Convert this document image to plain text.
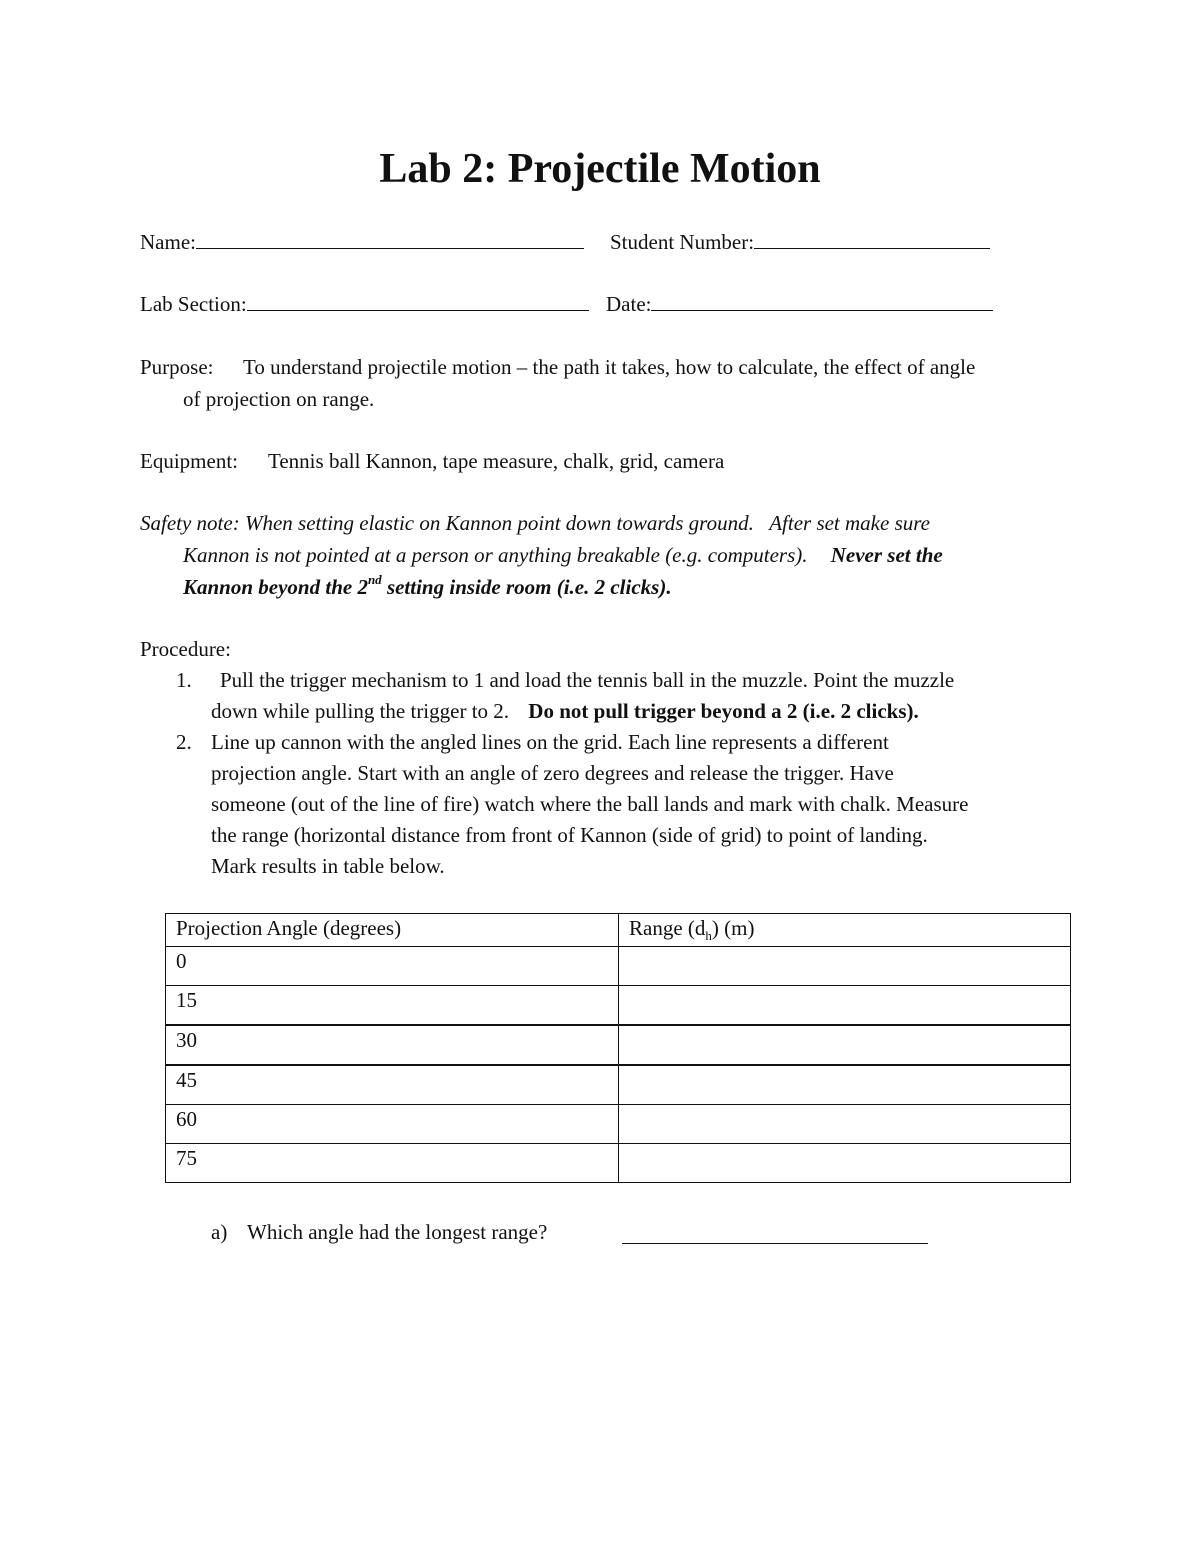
Lab 2: Projectile Motion
Name:	Student Number:
Lab Section:	Date:
Purpose: To understand projectile motion – the path it takes, how to calculate, the effect of angle
of projection on range.
Equipment: Tennis ball Kannon, tape measure, chalk, grid, camera
Safety note: When setting elastic on Kannon point down towards ground.   After set make sure
Kannon is not pointed at a person or anything breakable (e.g. computers). Never set the
Kannon beyond the 2nd setting inside room (i.e. 2 clicks).
Procedure:
1. Pull the trigger mechanism to 1 and load the tennis ball in the muzzle. Point the muzzle
down while pulling the trigger to 2. Do not pull trigger beyond a 2 (i.e. 2 clicks).
2. Line up cannon with the angled lines on the grid. Each line represents a different
projection angle. Start with an angle of zero degrees and release the trigger. Have
someone (out of the line of fire) watch where the ball lands and mark with chalk. Measure
the range (horizontal distance from front of Kannon (side of grid) to point of landing.
Mark results in table below.
Projection Angle (degrees)	Range $(d_h)$ (m)
0	
15	
30	
45	
60	
75	
a) Which angle had the longest range?
